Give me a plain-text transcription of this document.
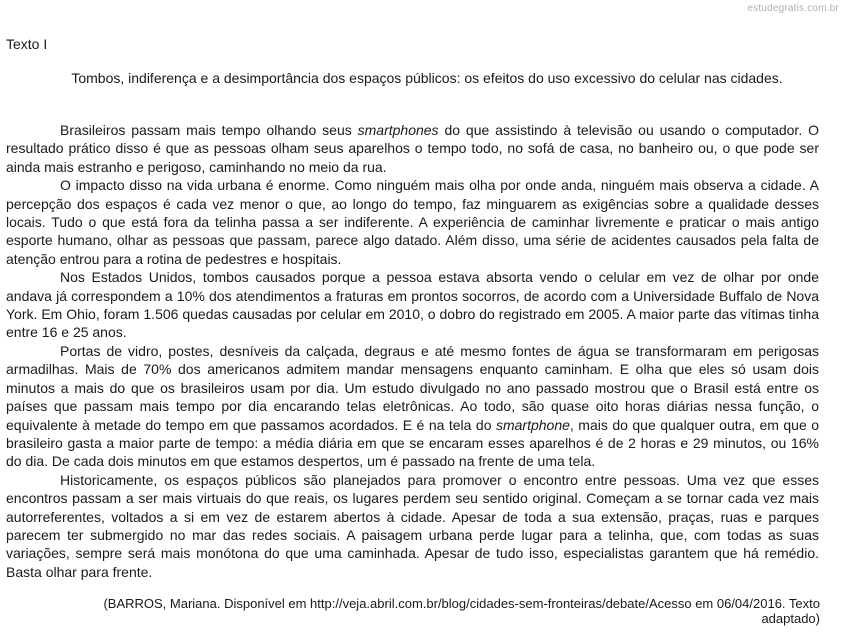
estudegratis.com.br
Texto I
Tombos, indiferença e a desimportância dos espaços públicos: os efeitos do uso excessivo do celular nas cidades.

Brasileiros passam mais tempo olhando seus smartphones do que assistindo à televisão ou usando o computador. O resultado prático disso é que as pessoas olham seus aparelhos o tempo todo, no sofá de casa, no banheiro ou, o que pode ser ainda mais estranho e perigoso, caminhando no meio da rua.

O impacto disso na vida urbana é enorme. Como ninguém mais olha por onde anda, ninguém mais observa a cidade. A percepção dos espaços é cada vez menor o que, ao longo do tempo, faz minguarem as exigências sobre a qualidade desses locais. Tudo o que está fora da telinha passa a ser indiferente. A experiência de caminhar livremente e praticar o mais antigo esporte humano, olhar as pessoas que passam, parece algo datado. Além disso, uma série de acidentes causados pela falta de atenção entrou para a rotina de pedestres e hospitais.

Nos Estados Unidos, tombos causados porque a pessoa estava absorta vendo o celular em vez de olhar por onde andava já correspondem a 10% dos atendimentos a fraturas em prontos socorros, de acordo com a Universidade Buffalo de Nova York. Em Ohio, foram 1.506 quedas causadas por celular em 2010, o dobro do registrado em 2005. A maior parte das vítimas tinha entre 16 e 25 anos.

Portas de vidro, postes, desníveis da calçada, degraus e até mesmo fontes de água se transformaram em perigosas armadilhas. Mais de 70% dos americanos admitem mandar mensagens enquanto caminham. E olha que eles só usam dois minutos a mais do que os brasileiros usam por dia. Um estudo divulgado no ano passado mostrou que o Brasil está entre os países que passam mais tempo por dia encarando telas eletrônicas. Ao todo, são quase oito horas diárias nessa função, o equivalente à metade do tempo em que passamos acordados. E é na tela do smartphone, mais do que qualquer outra, em que o brasileiro gasta a maior parte de tempo: a média diária em que se encaram esses aparelhos é de 2 horas e 29 minutos, ou 16% do dia. De cada dois minutos em que estamos despertos, um é passado na frente de uma tela.

Historicamente, os espaços públicos são planejados para promover o encontro entre pessoas. Uma vez que esses encontros passam a ser mais virtuais do que reais, os lugares perdem seu sentido original. Começam a se tornar cada vez mais autorreferentes, voltados a si em vez de estarem abertos à cidade. Apesar de toda a sua extensão, praças, ruas e parques parecem ter submergido no mar das redes sociais. A paisagem urbana perde lugar para a telinha, que, com todas as suas variações, sempre será mais monótona do que uma caminhada. Apesar de tudo isso, especialistas garantem que há remédio. Basta olhar para frente.

(BARROS, Mariana. Disponível em http://veja.abril.com.br/blog/cidades-sem-fronteiras/debate/Acesso em 06/04/2016. Texto adaptado)
